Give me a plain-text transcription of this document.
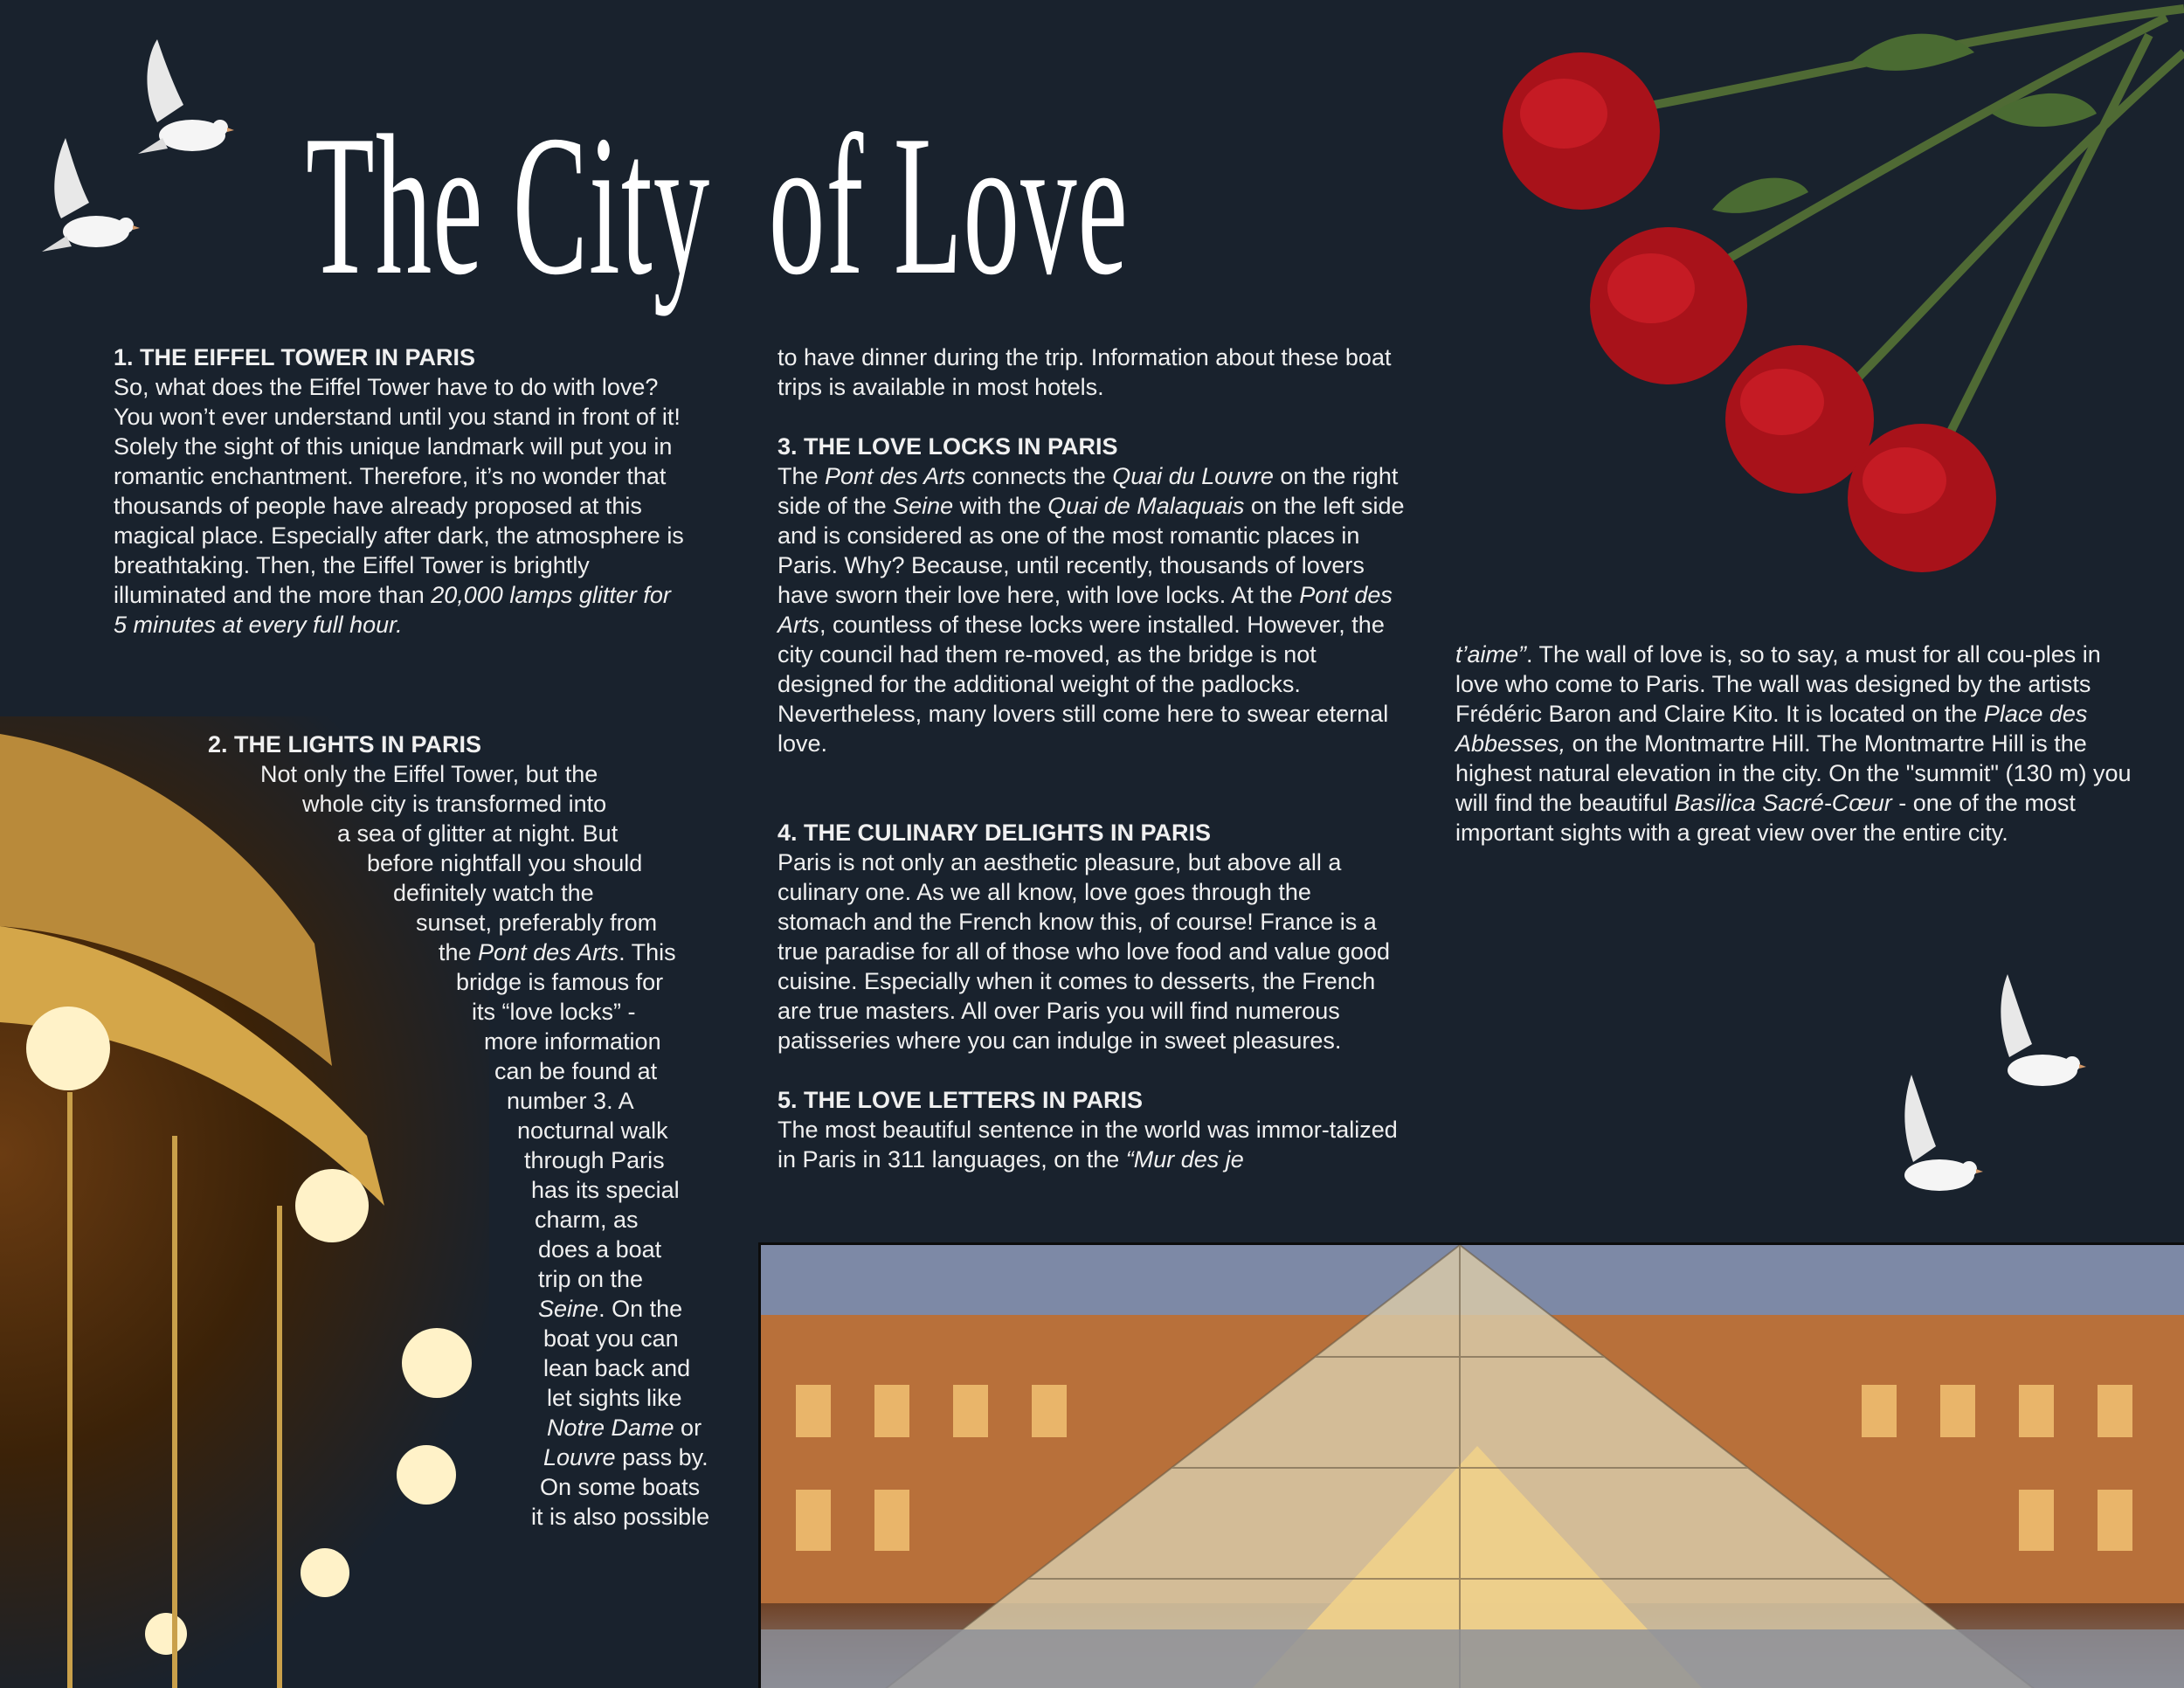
The City  of Love
1. THE EIFFEL TOWER IN PARIS

So, what does the Eiffel Tower have to do with love? You won’t ever understand until you stand in front of it! Solely the sight of this unique landmark will put you in romantic enchantment. Therefore, it’s no wonder that thousands of people have already proposed at this magical place. Especially after dark, the atmosphere is breathtaking. Then, the Eiffel Tower is brightly illuminated and the more than 20,000 lamps glitter for 5 minutes at every full hour.

2. THE LIGHTS IN PARIS
Not only the Eiffel Tower, but the
whole city is transformed into
a sea of glitter at night. But
before nightfall you should
definitely watch the
sunset, preferably from
the Pont des Arts. This
bridge is famous for
its “love locks” -
more information
can be found at
number 3. A
nocturnal walk
through Paris
has its special
charm, as
does a boat
trip on the
Seine. On the
boat you can
lean back and
let sights like
Notre Dame or
Louvre pass by.
On some boats
it is also possible

to have dinner during the trip. Information about these boat trips is available in most hotels.

3. THE LOVE LOCKS IN PARIS

The Pont des Arts connects the Quai du Louvre on the right side of the Seine with the Quai de Malaquais on the left side and is considered as one of the most romantic places in Paris. Why? Because, until recently, thousands of lovers have sworn their love here, with love locks. At the Pont des Arts, countless of these locks were installed. However, the city council had them re-moved, as the bridge is not designed for the additional weight of the padlocks. Nevertheless, many lovers still come here to swear eternal love.

4. THE CULINARY DELIGHTS IN PARIS

Paris is not only an aesthetic pleasure, but above all a culinary one. As we all know, love goes through the stomach and the French know this, of course! France is a true paradise for all of those who love food and value good cuisine. Especially when it comes to desserts, the French are true masters. All over Paris you will find numerous patisseries where you can indulge in sweet pleasures.

5. THE LOVE LETTERS IN PARIS

The most beautiful sentence in the world was immor-talized in Paris in 311 languages, on the “Mur des je

t’aime”. The wall of love is, so to say, a must for all cou-ples in love who come to Paris. The wall was designed by the artists Frédéric Baron and Claire Kito. It is located on the Place des Abbesses, on the Montmartre Hill. The Montmartre Hill is the highest natural elevation in the city. On the "summit" (130 m) you will find the beautiful Basilica Sacré-Cœur - one of the most important sights with a great view over the entire city.
